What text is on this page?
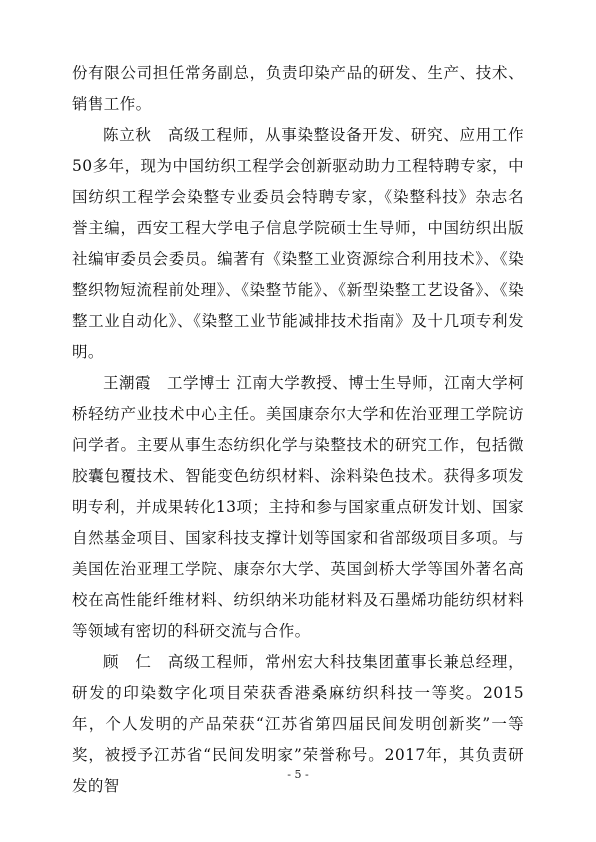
份有限公司担任常务副总，负责印染产品的研发、生产、技术、销售工作。

陈立秋　高级工程师，从事染整设备开发、研究、应用工作50多年，现为中国纺织工程学会创新驱动助力工程特聘专家，中国纺织工程学会染整专业委员会特聘专家，《染整科技》杂志名誉主编，西安工程大学电子信息学院硕士生导师，中国纺织出版社编审委员会委员。编著有《染整工业资源综合利用技术》、《染整织物短流程前处理》、《染整节能》、《新型染整工艺设备》、《染整工业自动化》、《染整工业节能减排技术指南》及十几项专利发明。

王潮霞　工学博士 江南大学教授、博士生导师，江南大学柯桥轻纺产业技术中心主任。美国康奈尔大学和佐治亚理工学院访问学者。主要从事生态纺织化学与染整技术的研究工作，包括微胶囊包覆技术、智能变色纺织材料、涂料染色技术。获得多项发明专利，并成果转化13项；主持和参与国家重点研发计划、国家自然基金项目、国家科技支撑计划等国家和省部级项目多项。与美国佐治亚理工学院、康奈尔大学、英国剑桥大学等国外著名高校在高性能纤维材料、纺织纳米功能材料及石墨烯功能纺织材料等领域有密切的科研交流与合作。

顾　仁　高级工程师，常州宏大科技集团董事长兼总经理，研发的印染数字化项目荣获香港桑麻纺织科技一等奖。2015年，个人发明的产品荣获“江苏省第四届民间发明创新奖”一等奖，被授予江苏省“民间发明家”荣誉称号。2017年，其负责研发的智

- 5 -
